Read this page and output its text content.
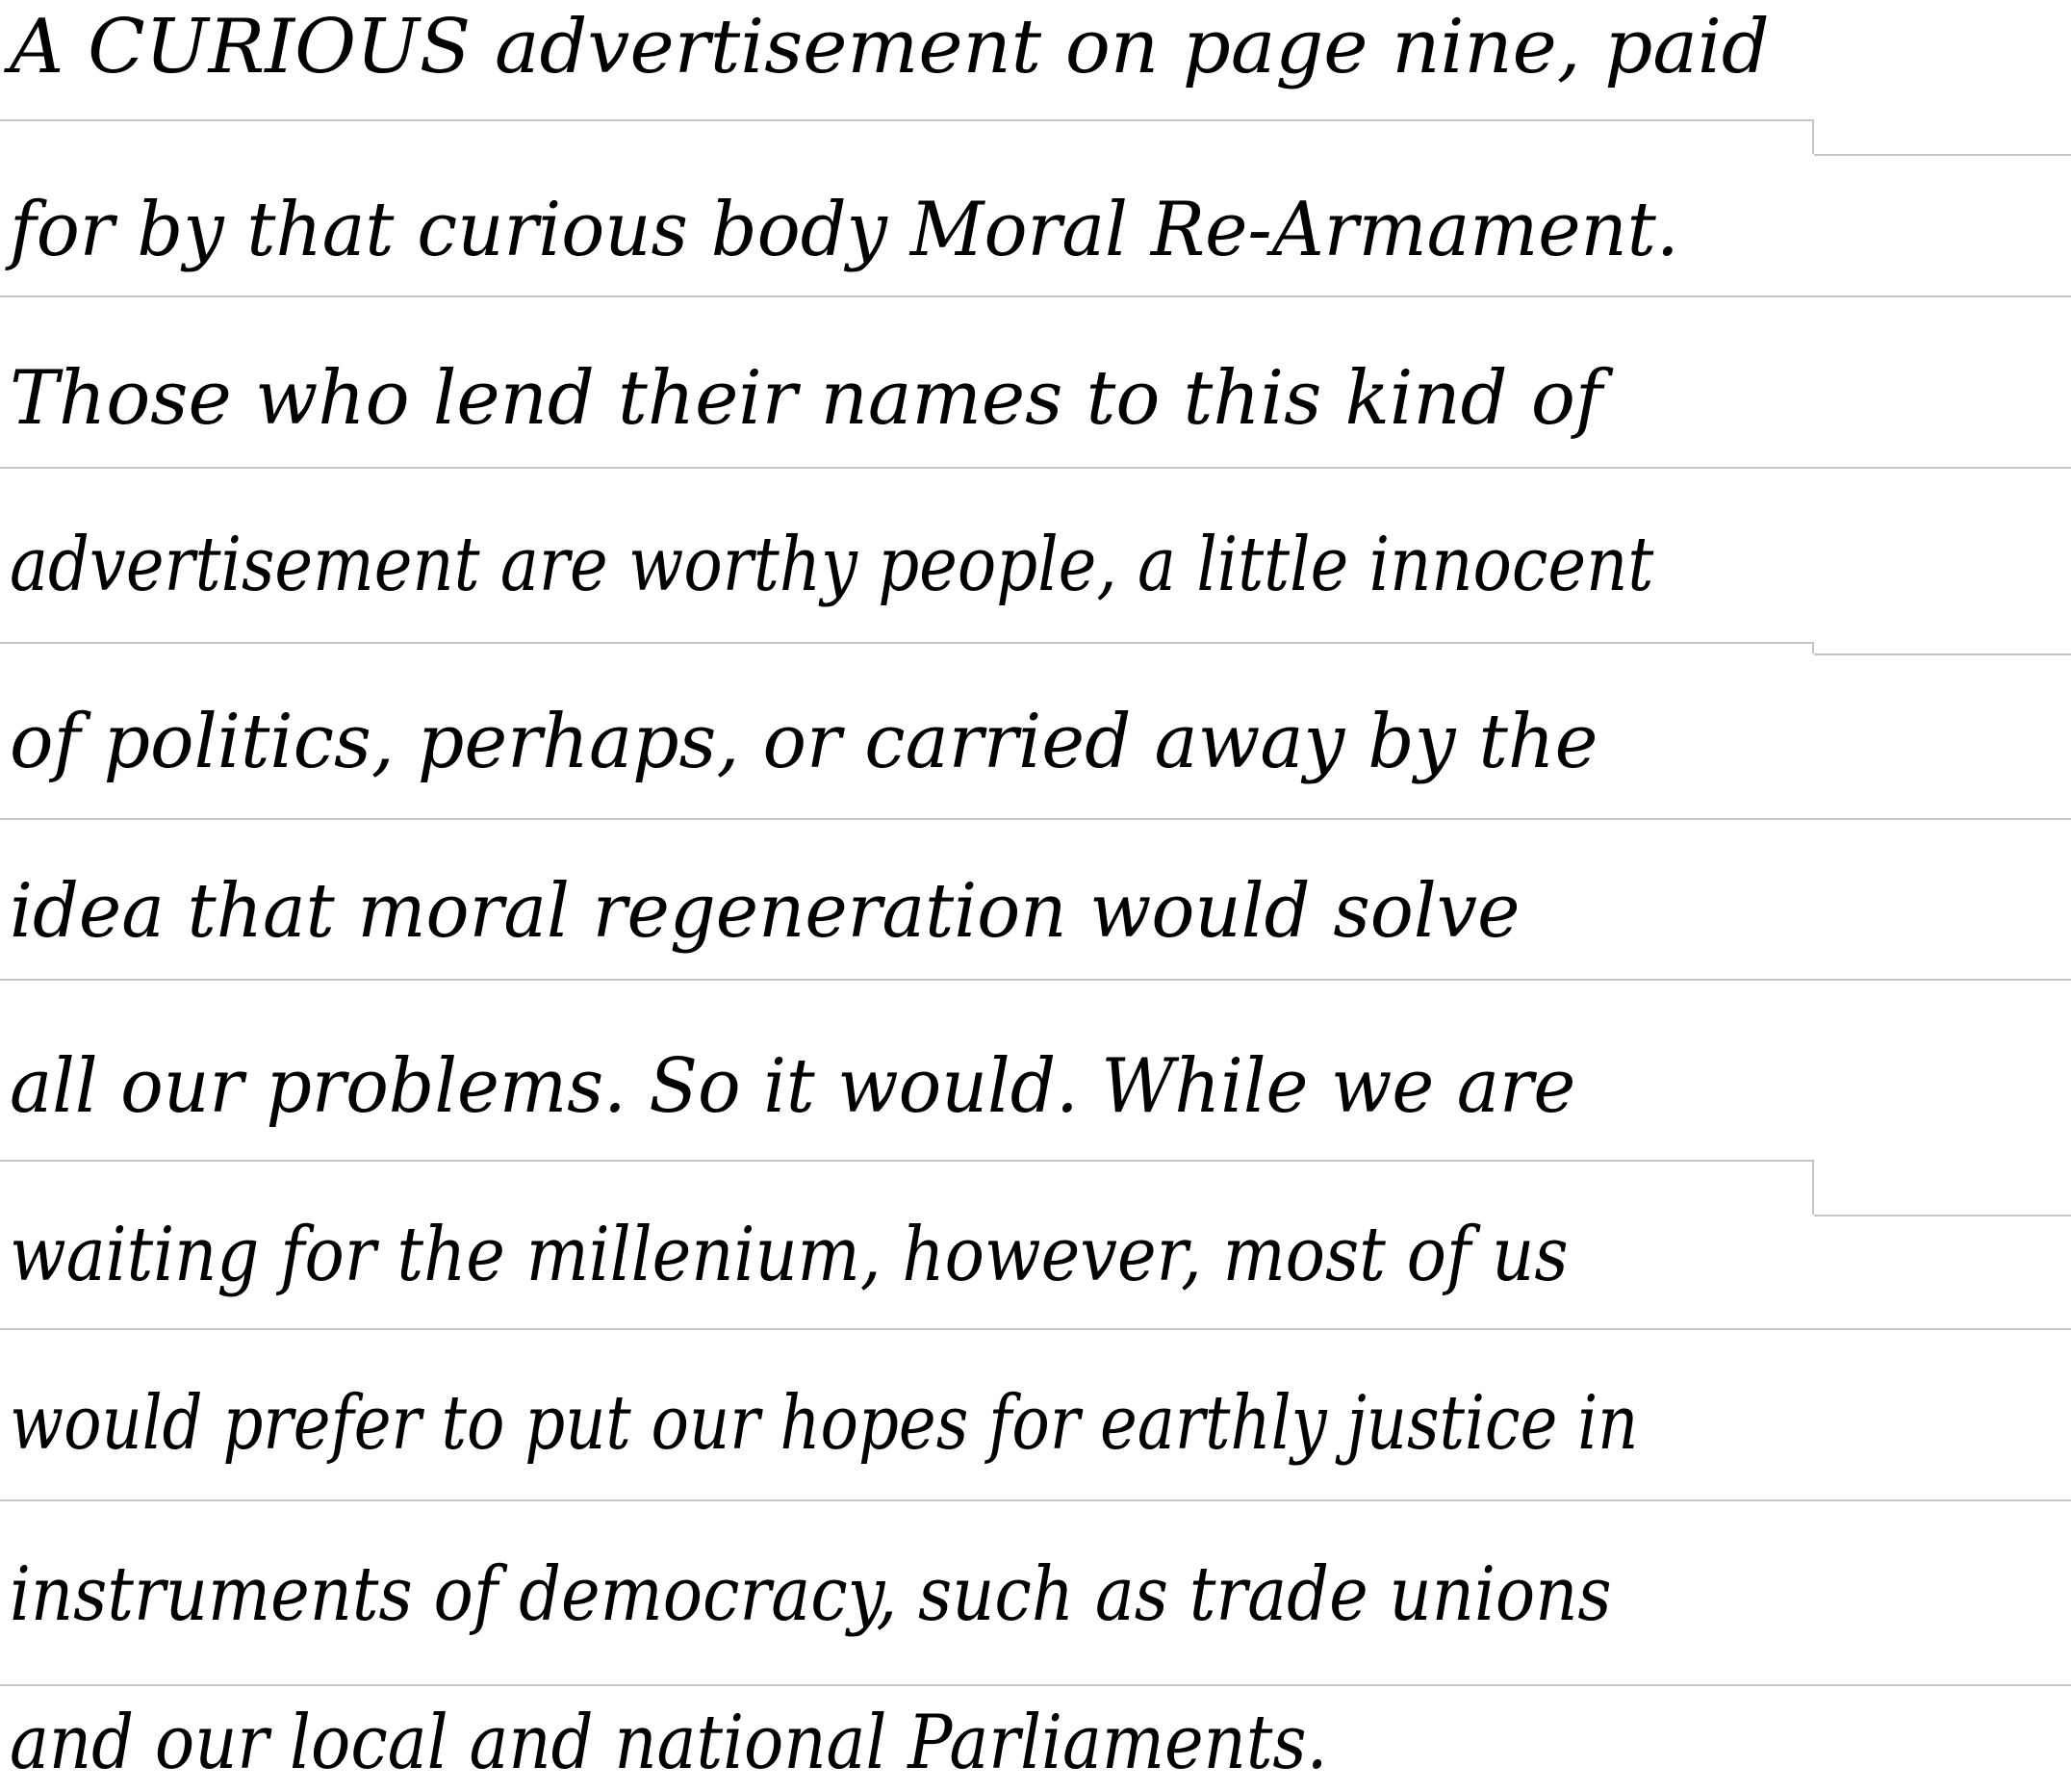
A CURIOUS advertisement on page nine, paid
for by that curious body Moral Re-Armament.
Those who lend their names to this kind of
advertisement are worthy people, a little innocent
of politics, perhaps, or carried away by the
idea that moral regeneration would solve
all our problems. So it would. While we are
waiting for the millenium, however, most of us
would prefer to put our hopes for earthly justice in
instruments of democracy, such as trade unions
and our local and national Parliaments.
